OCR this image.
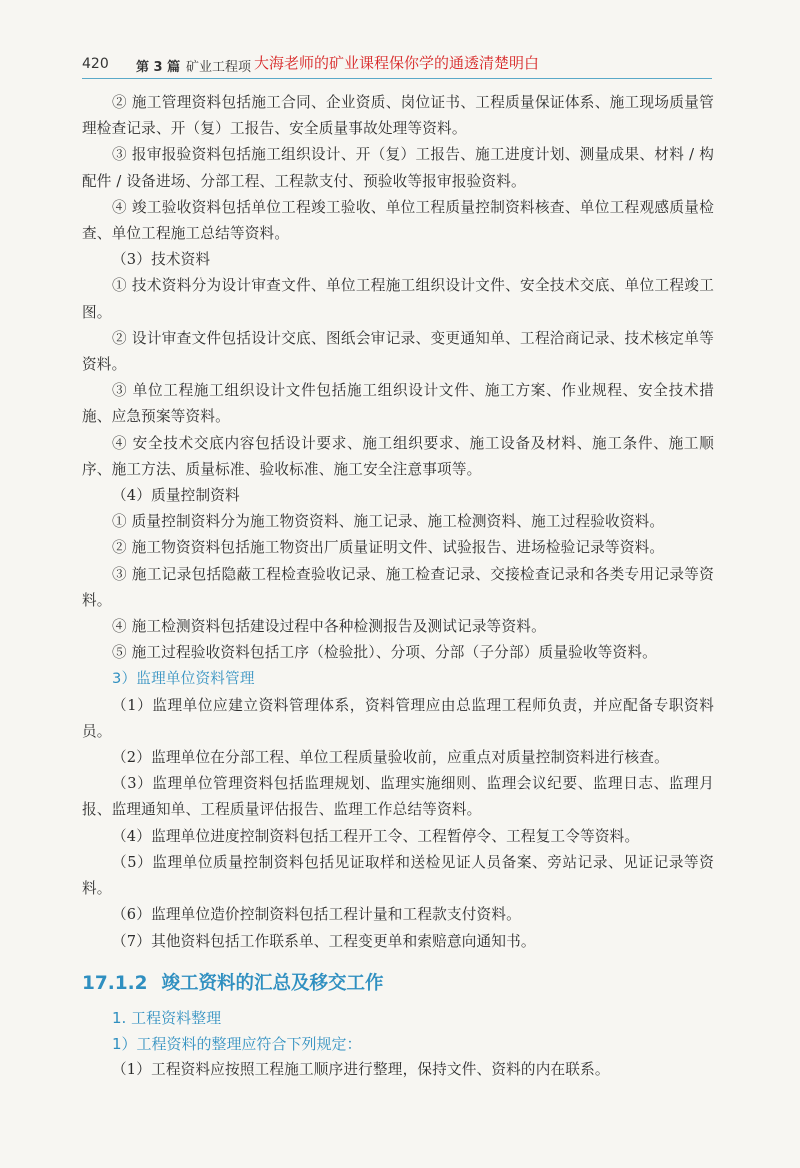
420 第 3 篇 矿业工程项 大海老师的矿业课程保你学的通透清楚明白

② 施工管理资料包括施工合同、企业资质、岗位证书、工程质量保证体系、施工现场质量管理检查记录、开（复）工报告、安全质量事故处理等资料。

③ 报审报验资料包括施工组织设计、开（复）工报告、施工进度计划、测量成果、材料 / 构配件 / 设备进场、分部工程、工程款支付、预验收等报审报验资料。

④ 竣工验收资料包括单位工程竣工验收、单位工程质量控制资料核查、单位工程观感质量检查、单位工程施工总结等资料。

（3）技术资料

① 技术资料分为设计审查文件、单位工程施工组织设计文件、安全技术交底、单位工程竣工图。

② 设计审查文件包括设计交底、图纸会审记录、变更通知单、工程洽商记录、技术核定单等资料。

③ 单位工程施工组织设计文件包括施工组织设计文件、施工方案、作业规程、安全技术措施、应急预案等资料。

④ 安全技术交底内容包括设计要求、施工组织要求、施工设备及材料、施工条件、施工顺序、施工方法、质量标准、验收标准、施工安全注意事项等。

（4）质量控制资料

① 质量控制资料分为施工物资资料、施工记录、施工检测资料、施工过程验收资料。

② 施工物资资料包括施工物资出厂质量证明文件、试验报告、进场检验记录等资料。

③ 施工记录包括隐蔽工程检查验收记录、施工检查记录、交接检查记录和各类专用记录等资料。

④ 施工检测资料包括建设过程中各种检测报告及测试记录等资料。

⑤ 施工过程验收资料包括工序（检验批）、分项、分部（子分部）质量验收等资料。

3）监理单位资料管理

（1）监理单位应建立资料管理体系，资料管理应由总监理工程师负责，并应配备专职资料员。

（2）监理单位在分部工程、单位工程质量验收前，应重点对质量控制资料进行核查。

（3）监理单位管理资料包括监理规划、监理实施细则、监理会议纪要、监理日志、监理月报、监理通知单、工程质量评估报告、监理工作总结等资料。

（4）监理单位进度控制资料包括工程开工令、工程暂停令、工程复工令等资料。

（5）监理单位质量控制资料包括见证取样和送检见证人员备案、旁站记录、见证记录等资料。

（6）监理单位造价控制资料包括工程计量和工程款支付资料。

（7）其他资料包括工作联系单、工程变更单和索赔意向通知书。

17.1.2 竣工资料的汇总及移交工作
1. 工程资料整理
1）工程资料的整理应符合下列规定：

（1）工程资料应按照工程施工顺序进行整理，保持文件、资料的内在联系。
